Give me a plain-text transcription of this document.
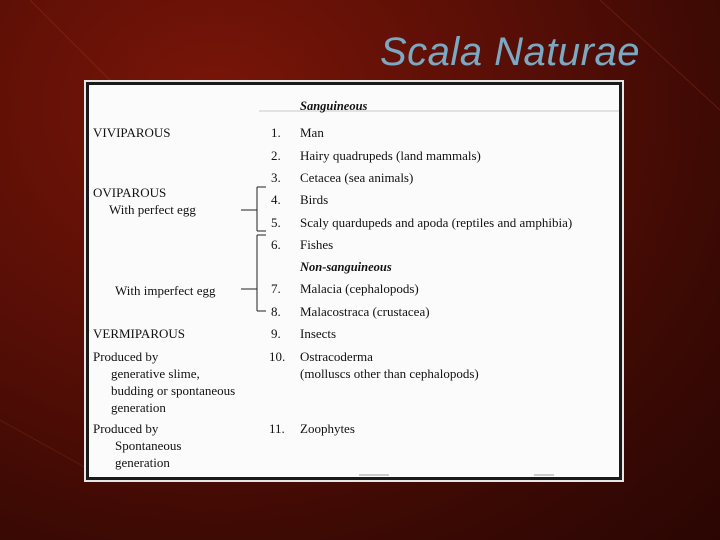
Scala Naturae
Sanguineous
Non-sanguineous
VIVIPAROUS
OVIPAROUS
With perfect egg
With imperfect egg
VERMIPAROUS
Produced by
generative slime,
budding or spontaneous
generation
Produced by
Spontaneous
generation
1.
2.
3.
4.
5.
6.
7.
8.
9.
10.
11.
Man
Hairy quadrupeds (land mammals)
Cetacea (sea animals)
Birds
Scaly quardupeds and apoda (reptiles and amphibia)
Fishes
Malacia (cephalopods)
Malacostraca (crustacea)
Insects
Ostracoderma
(molluscs other than cephalopods)
Zoophytes
